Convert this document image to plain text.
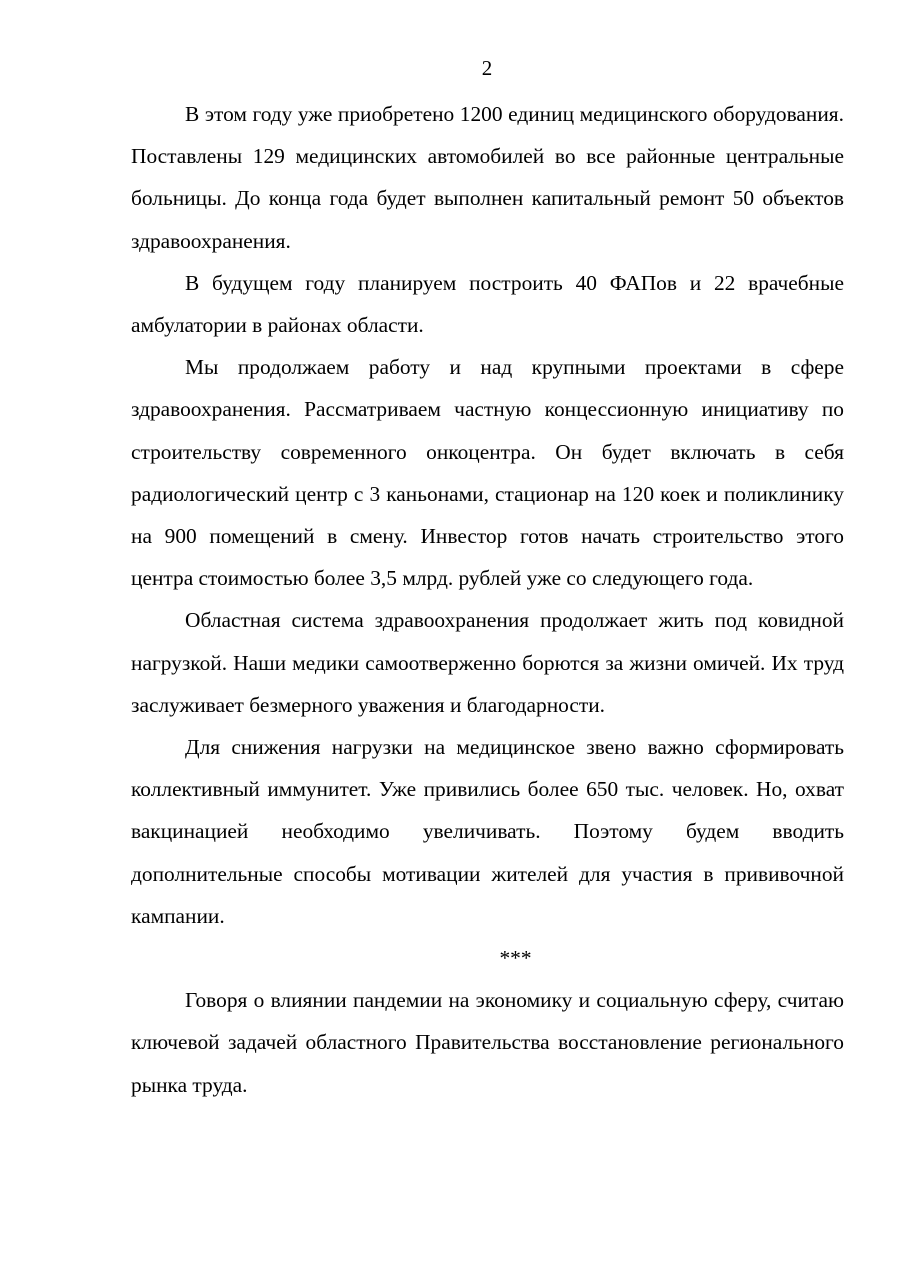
2

В этом году уже приобретено 1200 единиц медицинского оборудования. Поставлены 129 медицинских автомобилей во все районные центральные больницы. До конца года будет выполнен капитальный ремонт 50 объектов здравоохранения.

В будущем году планируем построить 40 ФАПов и 22 врачебные амбулатории в районах области.

Мы продолжаем работу и над крупными проектами в сфере здравоохранения. Рассматриваем частную концессионную инициативу по строительству современного онкоцентра. Он будет включать в себя радиологический центр с 3 каньонами, стационар на 120 коек и поликлинику на 900 помещений в смену. Инвестор готов начать строительство этого центра стоимостью более 3,5 млрд. рублей уже со следующего года.

Областная система здравоохранения продолжает жить под ковидной нагрузкой. Наши медики самоотверженно борются за жизни омичей. Их труд заслуживает безмерного уважения и благодарности.

Для снижения нагрузки на медицинское звено важно сформировать коллективный иммунитет. Уже привились более 650 тыс. человек. Но, охват вакцинацией необходимо увеличивать. Поэтому будем вводить дополнительные способы мотивации жителей для участия в прививочной кампании.

***

Говоря о влиянии пандемии на экономику и социальную сферу, считаю ключевой задачей областного Правительства восстановление регионального рынка труда.
